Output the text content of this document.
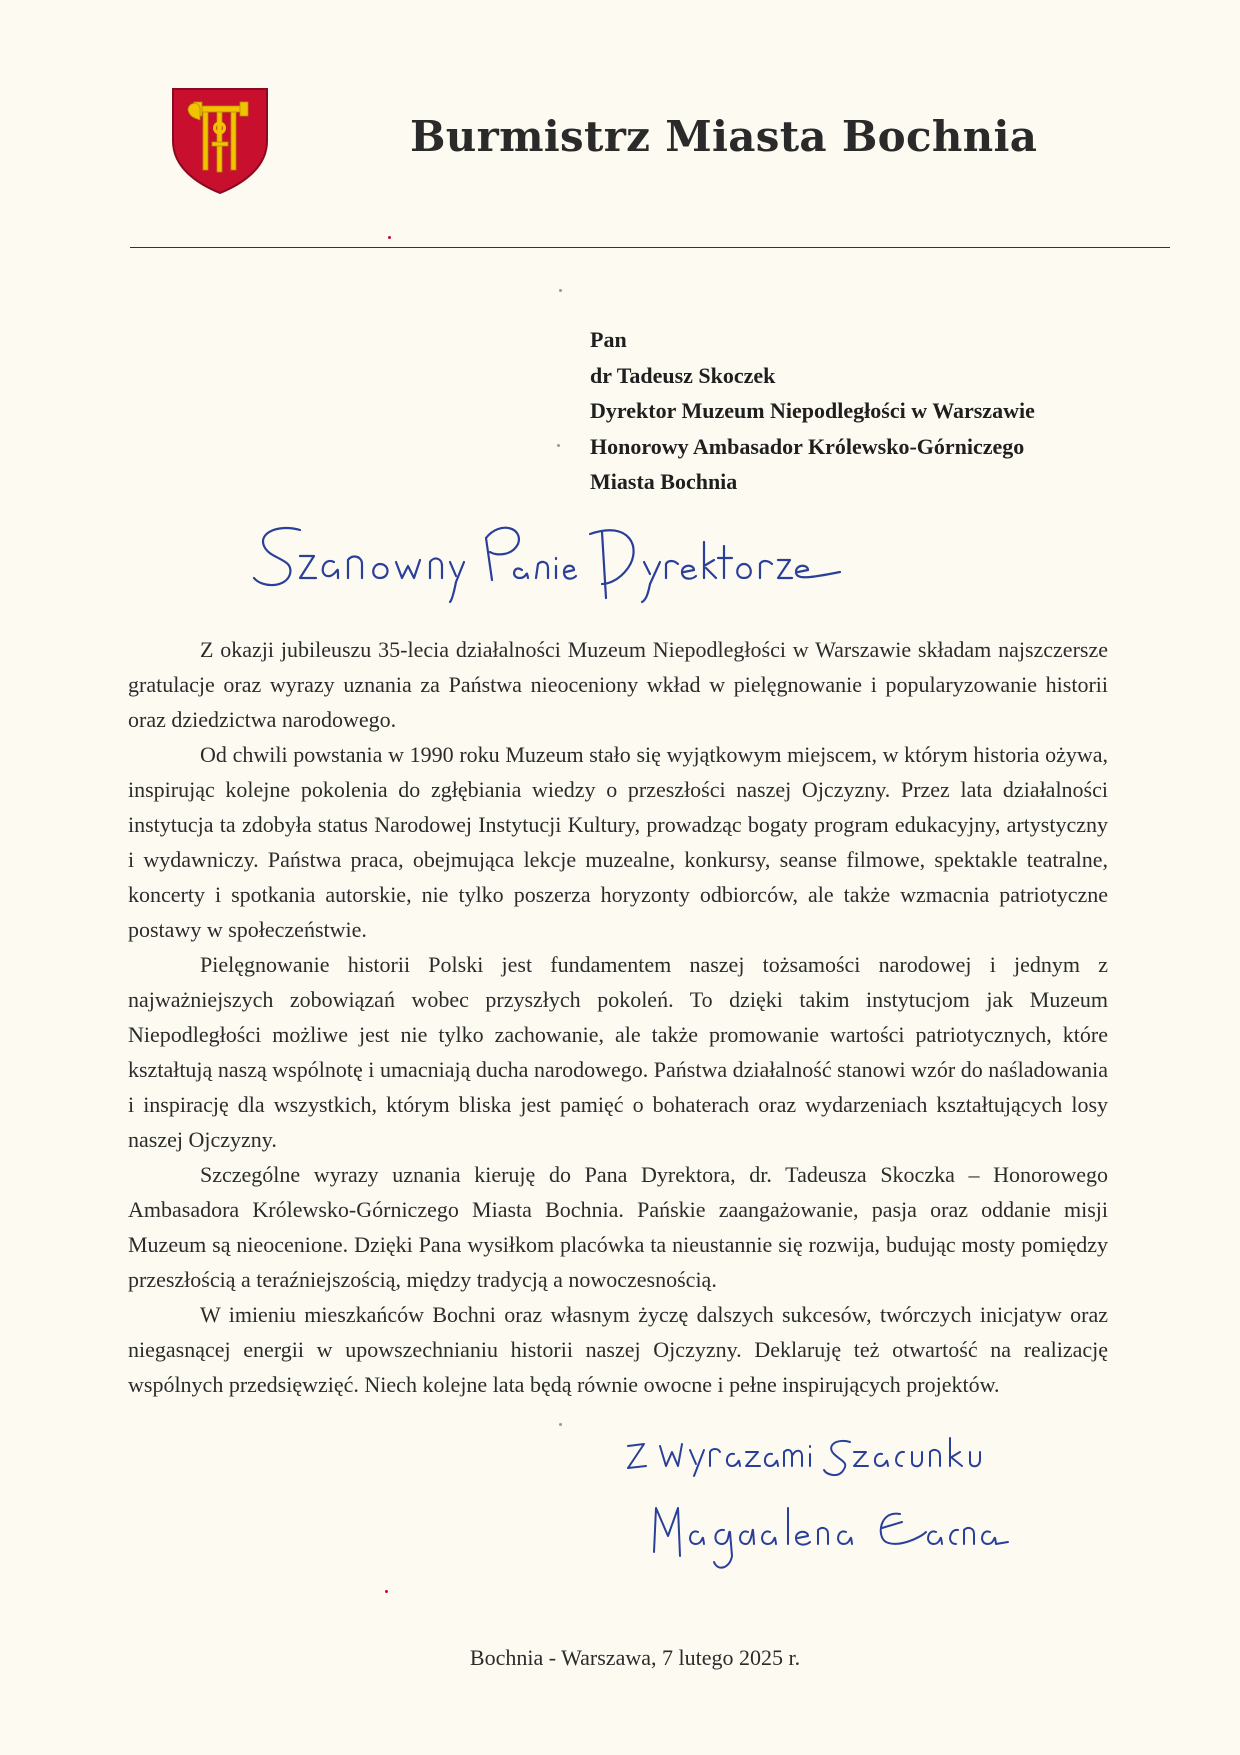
Burmistrz Miasta Bochnia
Pan
dr Tadeusz Skoczek
Dyrektor Muzeum Niepodległości w Warszawie
Honorowy Ambasador Królewsko-Górniczego
Miasta Bochnia

Z okazji jubileuszu 35-lecia działalności Muzeum Niepodległości w Warszawie składam najszczersze gratulacje oraz wyrazy uznania za Państwa nieoceniony wkład w pielęgnowanie i popularyzowanie historii oraz dziedzictwa narodowego.

Od chwili powstania w 1990 roku Muzeum stało się wyjątkowym miejscem, w którym historia ożywa, inspirując kolejne pokolenia do zgłębiania wiedzy o przeszłości naszej Ojczyzny. Przez lata działalności instytucja ta zdobyła status Narodowej Instytucji Kultury, prowadząc bogaty program edukacyjny, artystyczny i wydawniczy. Państwa praca, obejmująca lekcje muzealne, konkursy, seanse filmowe, spektakle teatralne, koncerty i spotkania autorskie, nie tylko poszerza horyzonty odbiorców, ale także wzmacnia patriotyczne postawy w społeczeństwie.

Pielęgnowanie historii Polski jest fundamentem naszej tożsamości narodowej i jednym z najważniejszych zobowiązań wobec przyszłych pokoleń. To dzięki takim instytucjom jak Muzeum Niepodległości możliwe jest nie tylko zachowanie, ale także promowanie wartości patriotycznych, które kształtują naszą wspólnotę i umacniają ducha narodowego. Państwa działalność stanowi wzór do naśladowania i inspirację dla wszystkich, którym bliska jest pamięć o bohaterach oraz wydarzeniach kształtujących losy naszej Ojczyzny.

Szczególne wyrazy uznania kieruję do Pana Dyrektora, dr. Tadeusza Skoczka – Honorowego Ambasadora Królewsko-Górniczego Miasta Bochnia. Pańskie zaangażowanie, pasja oraz oddanie misji Muzeum są nieocenione. Dzięki Pana wysiłkom placówka ta nieustannie się rozwija, budując mosty pomiędzy przeszłością a teraźniejszością, między tradycją a nowoczesnością.

W imieniu mieszkańców Bochni oraz własnym życzę dalszych sukcesów, twórczych inicjatyw oraz niegasnącej energii w upowszechnianiu historii naszej Ojczyzny. Deklaruję też otwartość na realizację wspólnych przedsięwzięć. Niech kolejne lata będą równie owocne i pełne inspirujących projektów.

Bochnia - Warszawa, 7 lutego 2025 r.
